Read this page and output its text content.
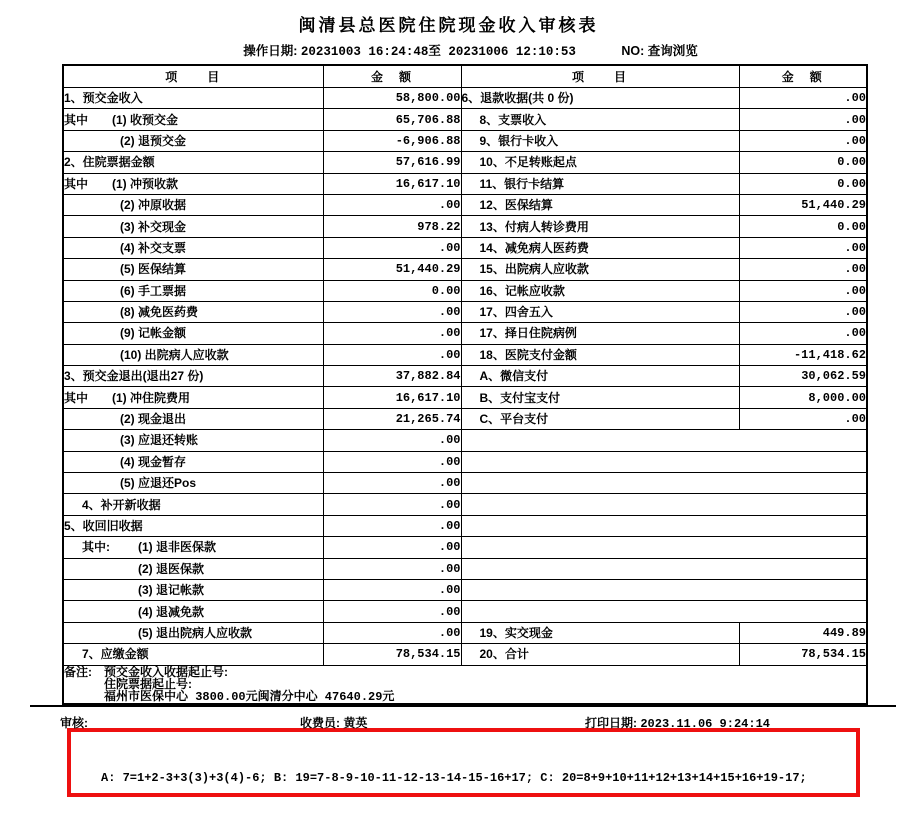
闽清县总医院住院现金收入审核表
操作日期: 20231003 16:24:48至 20231006 12:10:53	NO: 查询浏览
项　　目	金　额	项　　目	金　额
1、预交金收入	58,800.00	6、退款收据(共 0 份)	.00
其中 (1) 收预交金	65,706.88	8、支票收入	.00
(2) 退预交金	-6,906.88	9、银行卡收入	.00
2、住院票据金额	57,616.99	10、不足转账起点	0.00
其中 (1) 冲预收款	16,617.10	11、银行卡结算	0.00
(2) 冲原收据	.00	12、医保结算	51,440.29
(3) 补交现金	978.22	13、付病人转诊费用	0.00
(4) 补交支票	.00	14、减免病人医药费	.00
(5) 医保结算	51,440.29	15、出院病人应收款	.00
(6) 手工票据	0.00	16、记帐应收款	.00
(8) 减免医药费	.00	17、四舍五入	.00
(9) 记帐金额	.00	17、择日住院病例	.00
(10) 出院病人应收款	.00	18、医院支付金额	-11,418.62
3、预交金退出(退出27 份)	37,882.84	A、微信支付	30,062.59
其中 (1) 冲住院费用	16,617.10	B、支付宝支付	8,000.00
(2) 现金退出	21,265.74	C、平台支付	.00
(3) 应退还转账	.00		
(4) 现金暂存	.00		
(5) 应退还Pos	.00		
4、补开新收据	.00		
5、收回旧收据	.00		
其中: (1) 退非医保款	.00		
(2) 退医保款	.00		
(3) 退记帐款	.00		
(4) 退减免款	.00		
(5) 退出院病人应收款	.00	19、实交现金	449.89
7、应缴金额	78,534.15	20、合计	78,534.15

备注: 预交金收入收据起止号:
住院票据起止号:
福州市医保中心 3800.00元闽清分中心 47640.29元
A: 7=1+2-3+3(3)+3(4)-6; B: 19=7-8-9-10-11-12-13-14-15-16+17; C: 20=8+9+10+11+12+13+14+15+16+19-17;			
审核:	收费员: 黄英	打印日期: 2023.11.06 9:24:14
